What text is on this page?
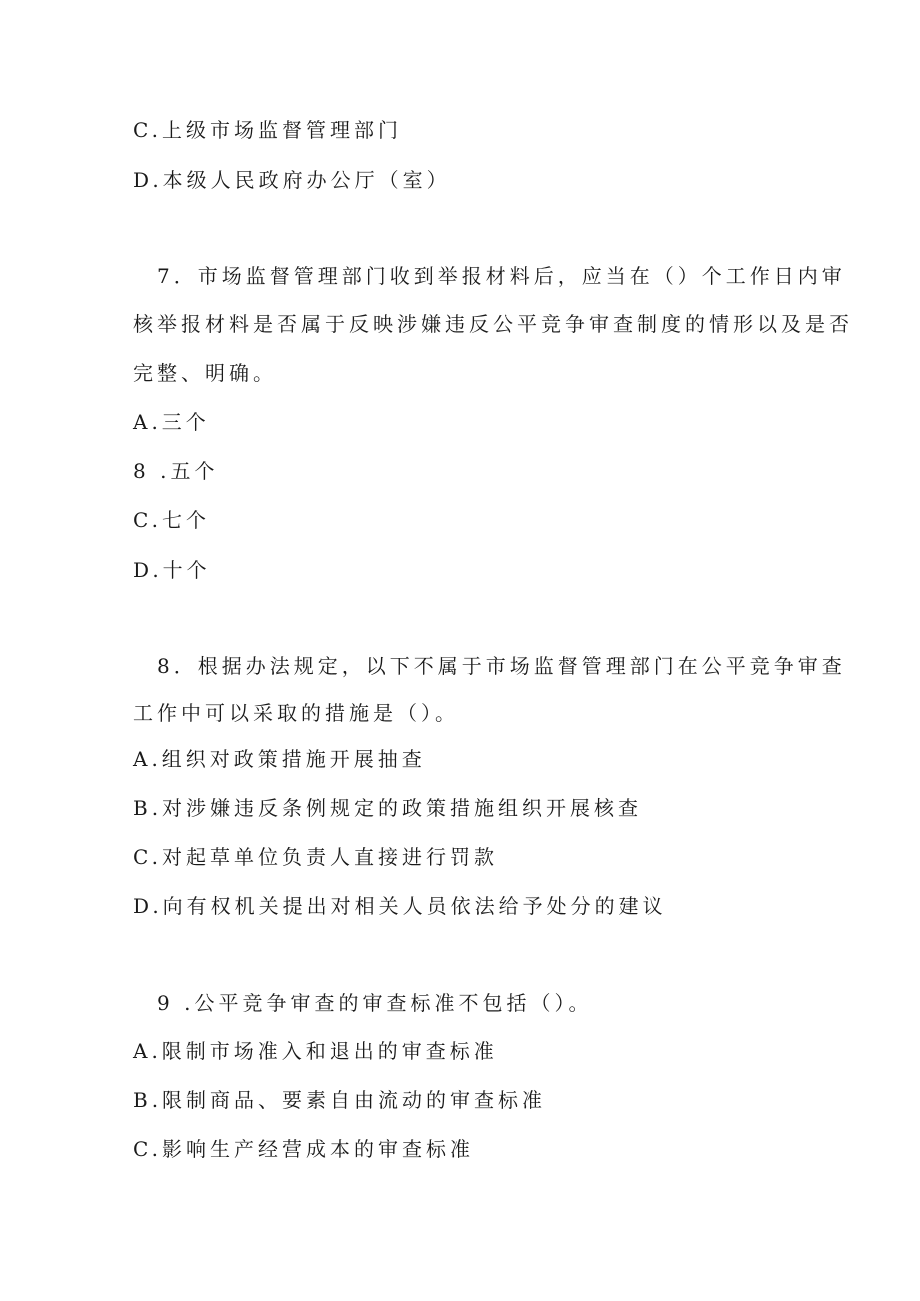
C.上级市场监督管理部门
D.本级人民政府办公厅（室）
7．市场监督管理部门收到举报材料后，应当在（）个工作日内审
核举报材料是否属于反映涉嫌违反公平竞争审查制度的情形以及是否
完整、明确。
A.三个
8 .五个
C.七个
D.十个
8．根据办法规定，以下不属于市场监督管理部门在公平竞争审查
工作中可以采取的措施是（）。
A.组织对政策措施开展抽查
B.对涉嫌违反条例规定的政策措施组织开展核查
C.对起草单位负责人直接进行罚款
D.向有权机关提出对相关人员依法给予处分的建议
9 .公平竞争审查的审查标准不包括（）。
A.限制市场准入和退出的审查标准
B.限制商品、要素自由流动的审查标准
C.影响生产经营成本的审查标准
